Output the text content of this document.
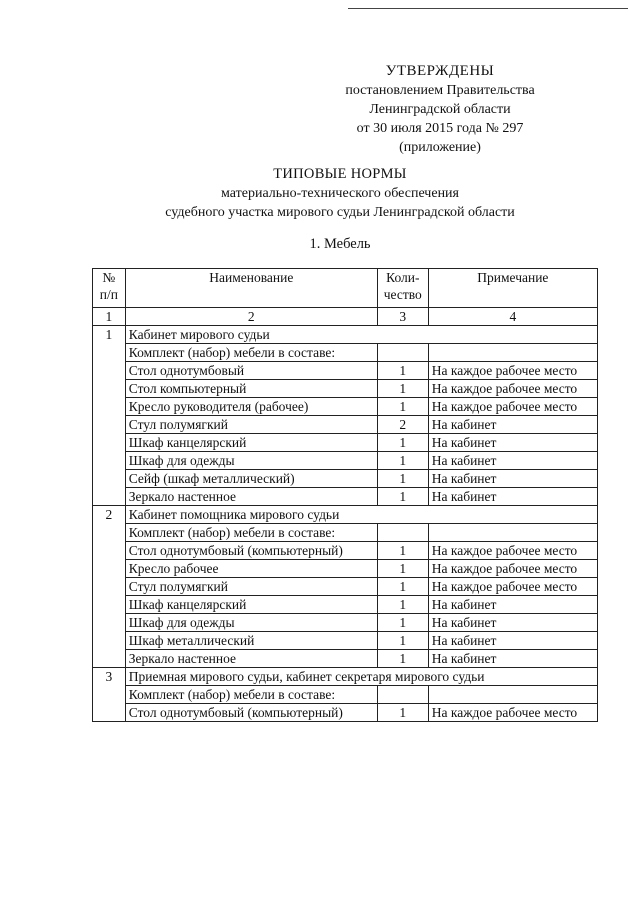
УТВЕРЖДЕНЫ
постановлением Правительства
Ленинградской области
от 30 июля 2015 года № 297
(приложение)
ТИПОВЫЕ НОРМЫ
материально-технического обеспечения
судебного участка мирового судьи Ленинградской области
1. Мебель
№ п/п	Наименование	Коли-чество	Примечание
1	2	3	4
1	Кабинет мирового судьи		
	Комплект (набор) мебели в составе:		
	Стол однотумбовый	1	На каждое рабочее место
	Стол компьютерный	1	На каждое рабочее место
	Кресло руководителя (рабочее)	1	На каждое рабочее место
	Стул полумягкий	2	На кабинет
	Шкаф канцелярский	1	На кабинет
	Шкаф для одежды	1	На кабинет
	Сейф (шкаф металлический)	1	На кабинет
	Зеркало настенное	1	На кабинет
2	Кабинет помощника мирового судьи		
	Комплект (набор) мебели в составе:		
	Стол однотумбовый (компьютерный)	1	На каждое рабочее место
	Кресло рабочее	1	На каждое рабочее место
	Стул полумягкий	1	На каждое рабочее место
	Шкаф канцелярский	1	На кабинет
	Шкаф для одежды	1	На кабинет
	Шкаф металлический	1	На кабинет
	Зеркало настенное	1	На кабинет
3	Приемная мирового судьи, кабинет секретаря мирового судьи		
	Комплект (набор) мебели в составе:		
	Стол однотумбовый (компьютерный)	1	На каждое рабочее место
